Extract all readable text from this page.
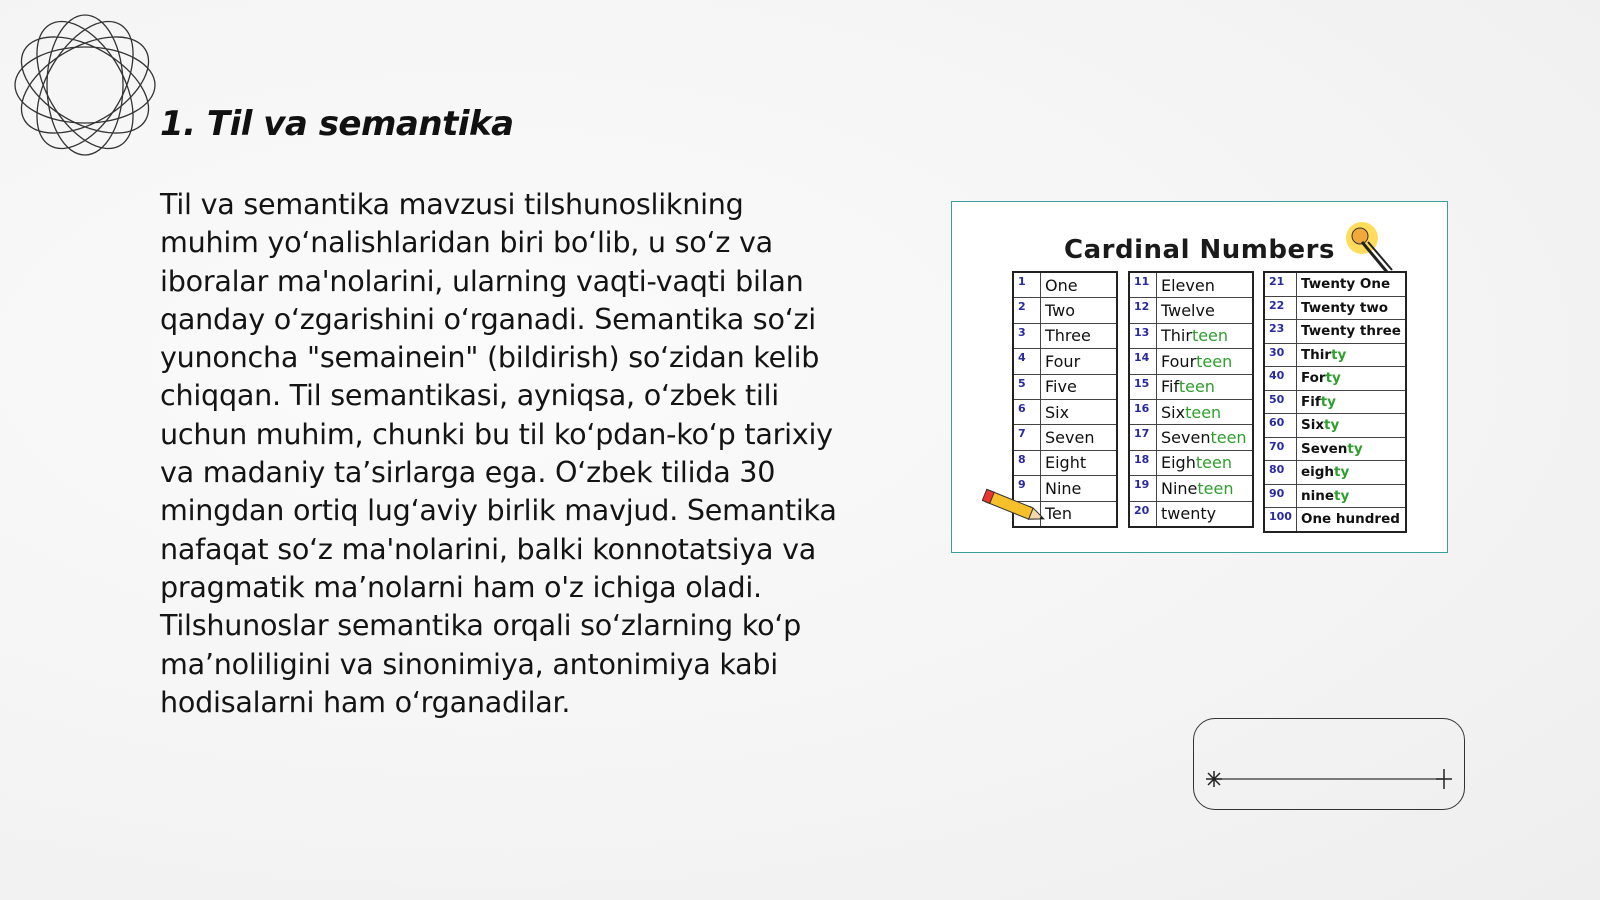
1. Til va semantika

Til va semantika mavzusi tilshunoslikning muhim yo‘nalishlaridan biri bo‘lib, u so‘z va iboralar ma'nolarini, ularning vaqti-vaqti bilan qanday o‘zgarishini o‘rganadi. Semantika so‘zi yunoncha "semainein" (bildirish) so‘zidan kelib chiqqan. Til semantikasi, ayniqsa, o‘zbek tili uchun muhim, chunki bu til ko‘pdan-ko‘p tarixiy va madaniy ta’sirlarga ega. O‘zbek tilida 30 mingdan ortiq lug‘aviy birlik mavjud. Semantika nafaqat so‘z ma'nolarini, balki konnotatsiya va pragmatik ma’nolarni ham o'z ichiga oladi. Tilshunoslar semantika orqali so‘zlarning ko‘p ma’noliligini va sinonimiya, antonimiya kabi hodisalarni ham o‘rganadilar.

Cardinal Numbers
1	One
2	Two
3	Three
4	Four
5	Five
6	Six
7	Seven
8	Eight
9	Nine
	Ten
11	Eleven
12	Twelve
13	Thirteen
14	Fourteen
15	Fifteen
16	Sixteen
17	Seventeen
18	Eighteen
19	Nineteen
20	twenty
21	Twenty One
22	Twenty two
23	Twenty three
30	Thirty
40	Forty
50	Fifty
60	Sixty
70	Seventy
80	eighty
90	ninety
100	One hundred
